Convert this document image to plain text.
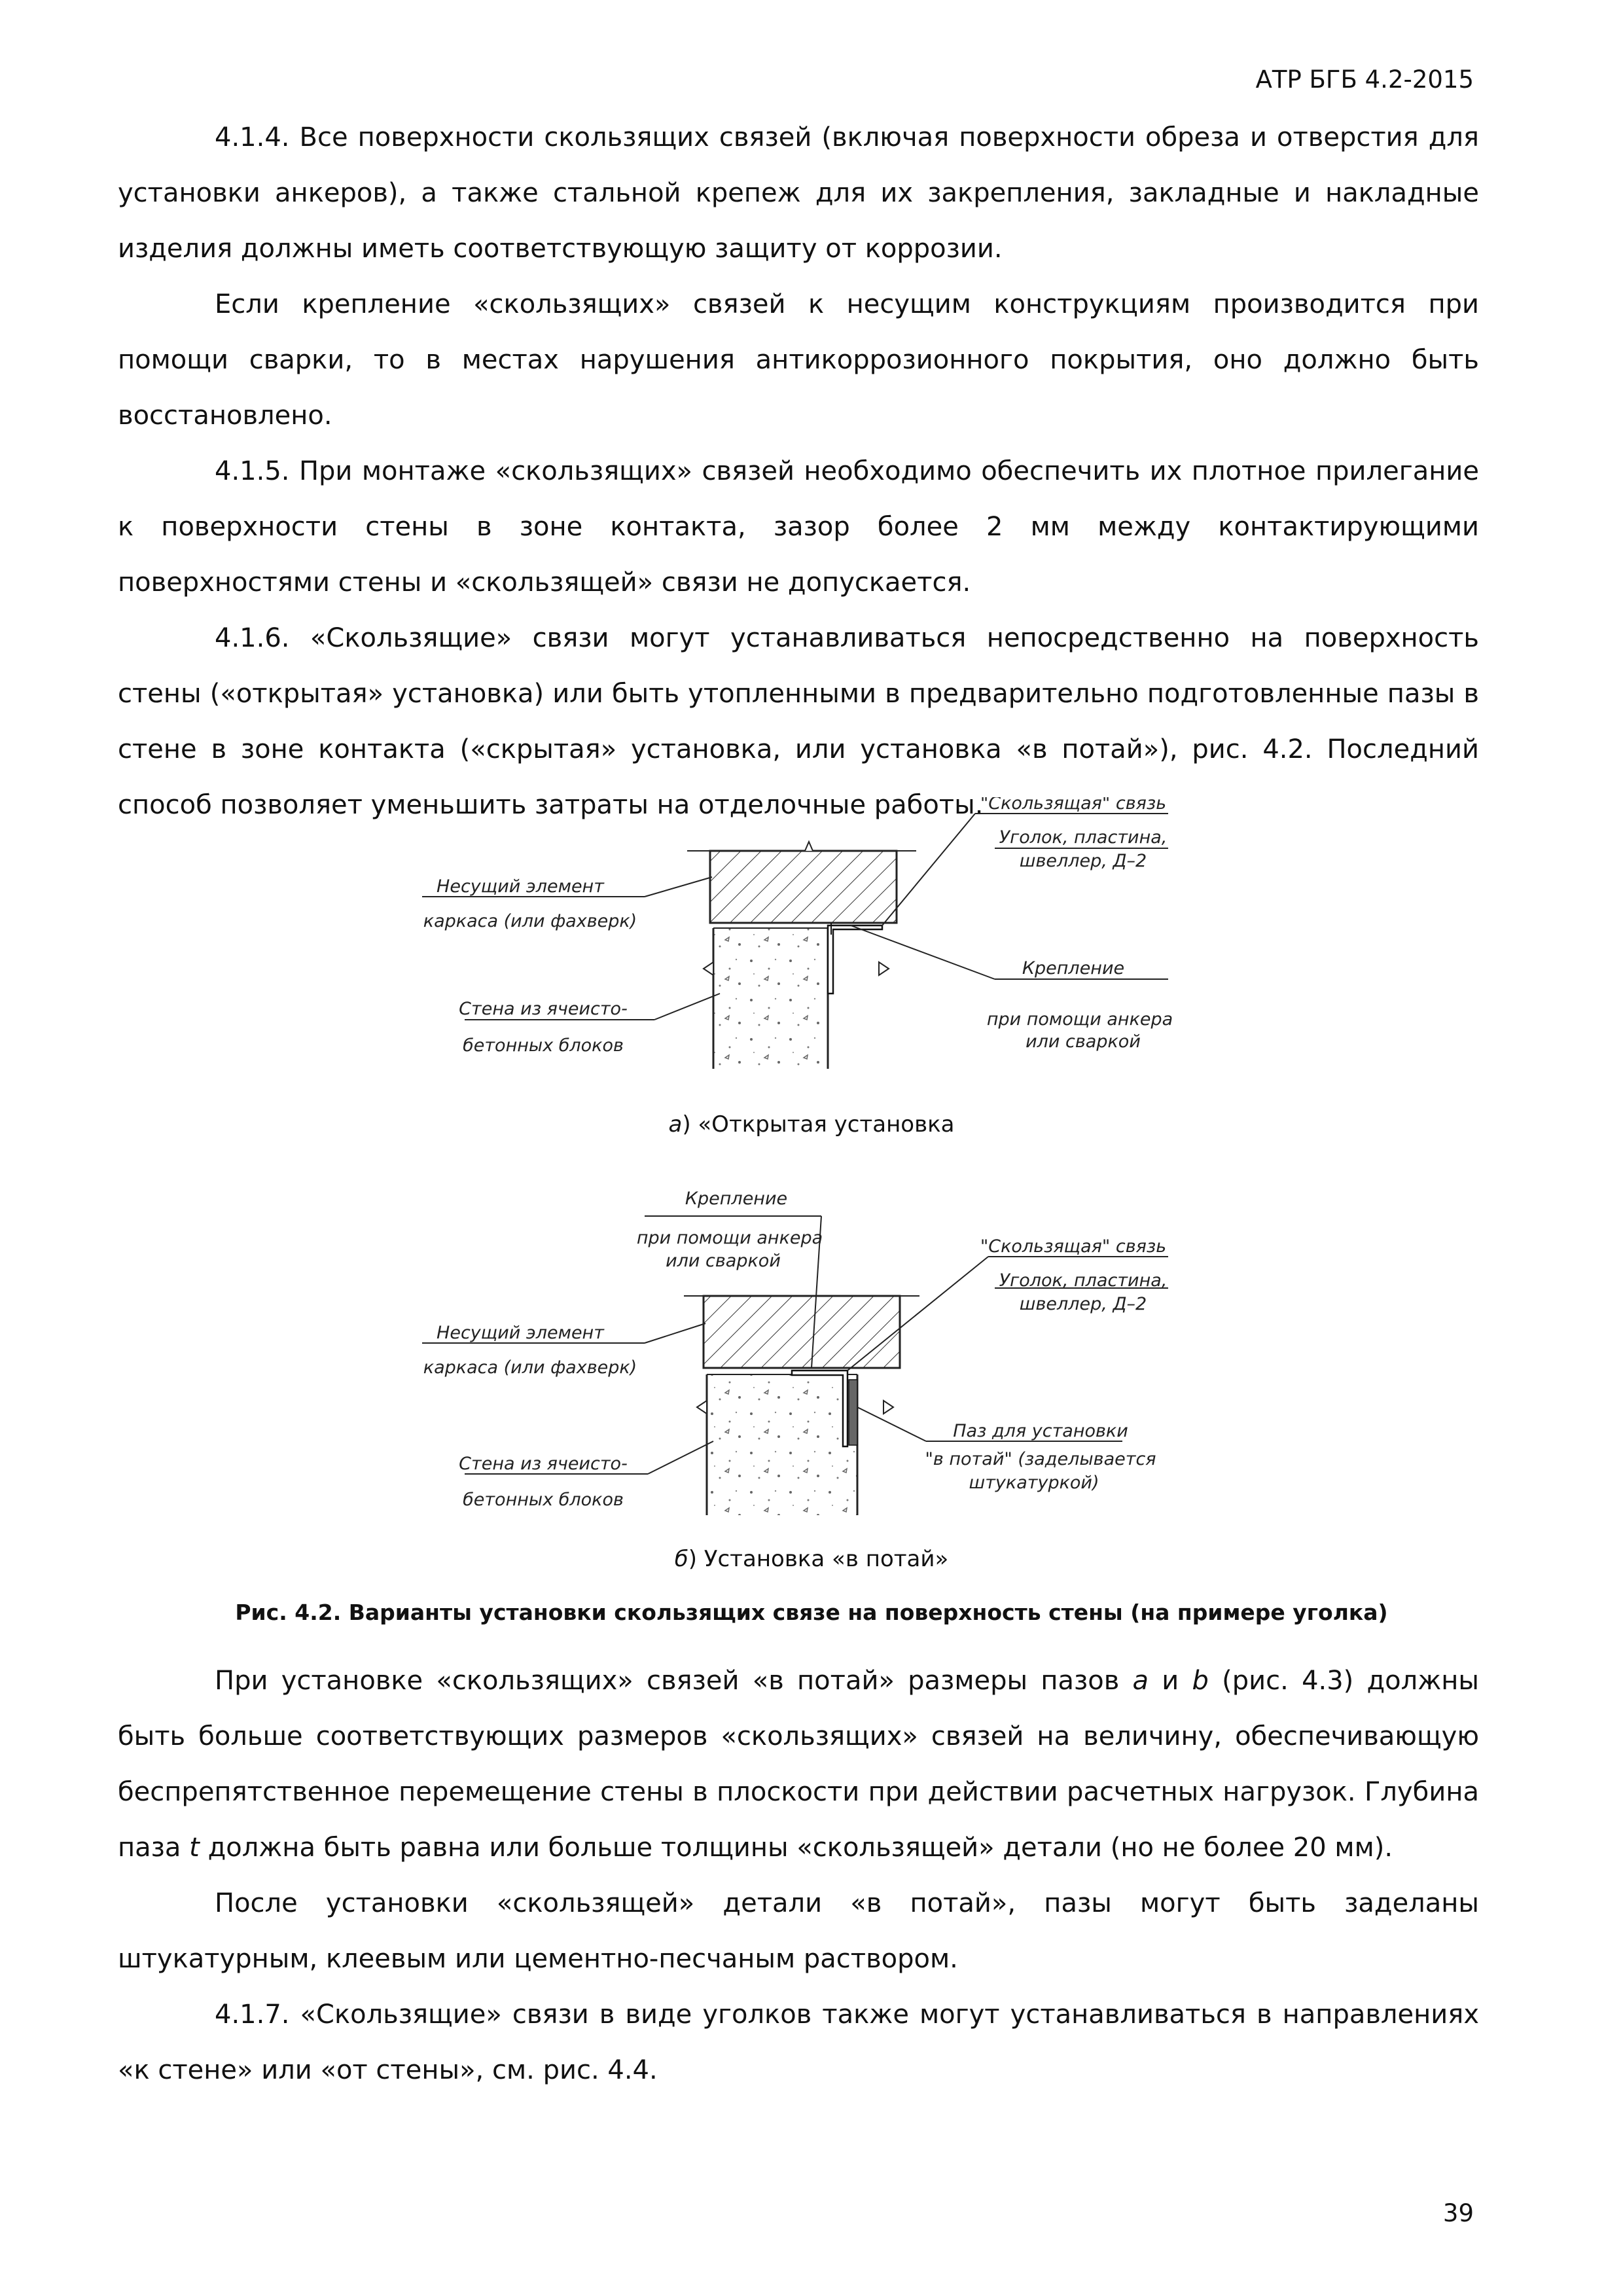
АТР БГБ 4.2-2015

4.1.4. Все поверхности скользящих связей (включая поверхности обреза и отверстия для установки анкеров), а также стальной крепеж для их закрепления, закладные и накладные изделия должны иметь соответствующую защиту от коррозии.

Если крепление «скользящих» связей к несущим конструкциям производится при помощи сварки, то в местах нарушения антикоррозионного покрытия, оно должно быть восстановлено.

4.1.5. При монтаже «скользящих» связей необходимо обеспечить их плотное прилегание к поверхности стены в зоне контакта, зазор более 2 мм между контактирующими поверхностями стены и «скользящей» связи не допускается.

4.1.6. «Скользящие» связи могут устанавливаться непосредственно на поверхность стены («открытая» установка) или быть утопленными в предварительно подготовленные пазы в стене в зоне контакта («скрытая» установка, или установка «в потай»), рис. 4.2. Последний способ позволяет уменьшить затраты на отделочные работы.

"Скользящая" связь
Уголок, пластина,
швеллер, Д–2
Несущий элемент
каркаса (или фахверк)
Крепление
при помощи анкера
или сваркой
Стена из ячеисто-
бетонных блоков
а) «Открытая установка
Крепление
при помощи анкера
или сваркой
"Скользящая" связь
Уголок, пластина,
швеллер, Д–2
Несущий элемент
каркаса (или фахверк)
Паз для установки
"в потай" (заделывается
штукатуркой)
Стена из ячеисто-
бетонных блоков
б) Установка «в потай»
Рис. 4.2. Варианты установки скользящих связе на поверхность стены (на примере уголка)

При установке «скользящих» связей «в потай» размеры пазов a и b (рис. 4.3) должны быть больше соответствующих размеров «скользящих» связей на величину, обеспечивающую беспрепятственное перемещение стены в плоскости при действии расчетных нагрузок. Глубина паза t должна быть равна или больше толщины «скользящей» детали (но не более 20 мм).

После установки «скользящей» детали «в потай», пазы могут быть заделаны штукатурным, клеевым или цементно-песчаным раствором.

4.1.7. «Скользящие» связи в виде уголков также могут устанавливаться в направлениях «к стене» или «от стены», см. рис. 4.4.

39
